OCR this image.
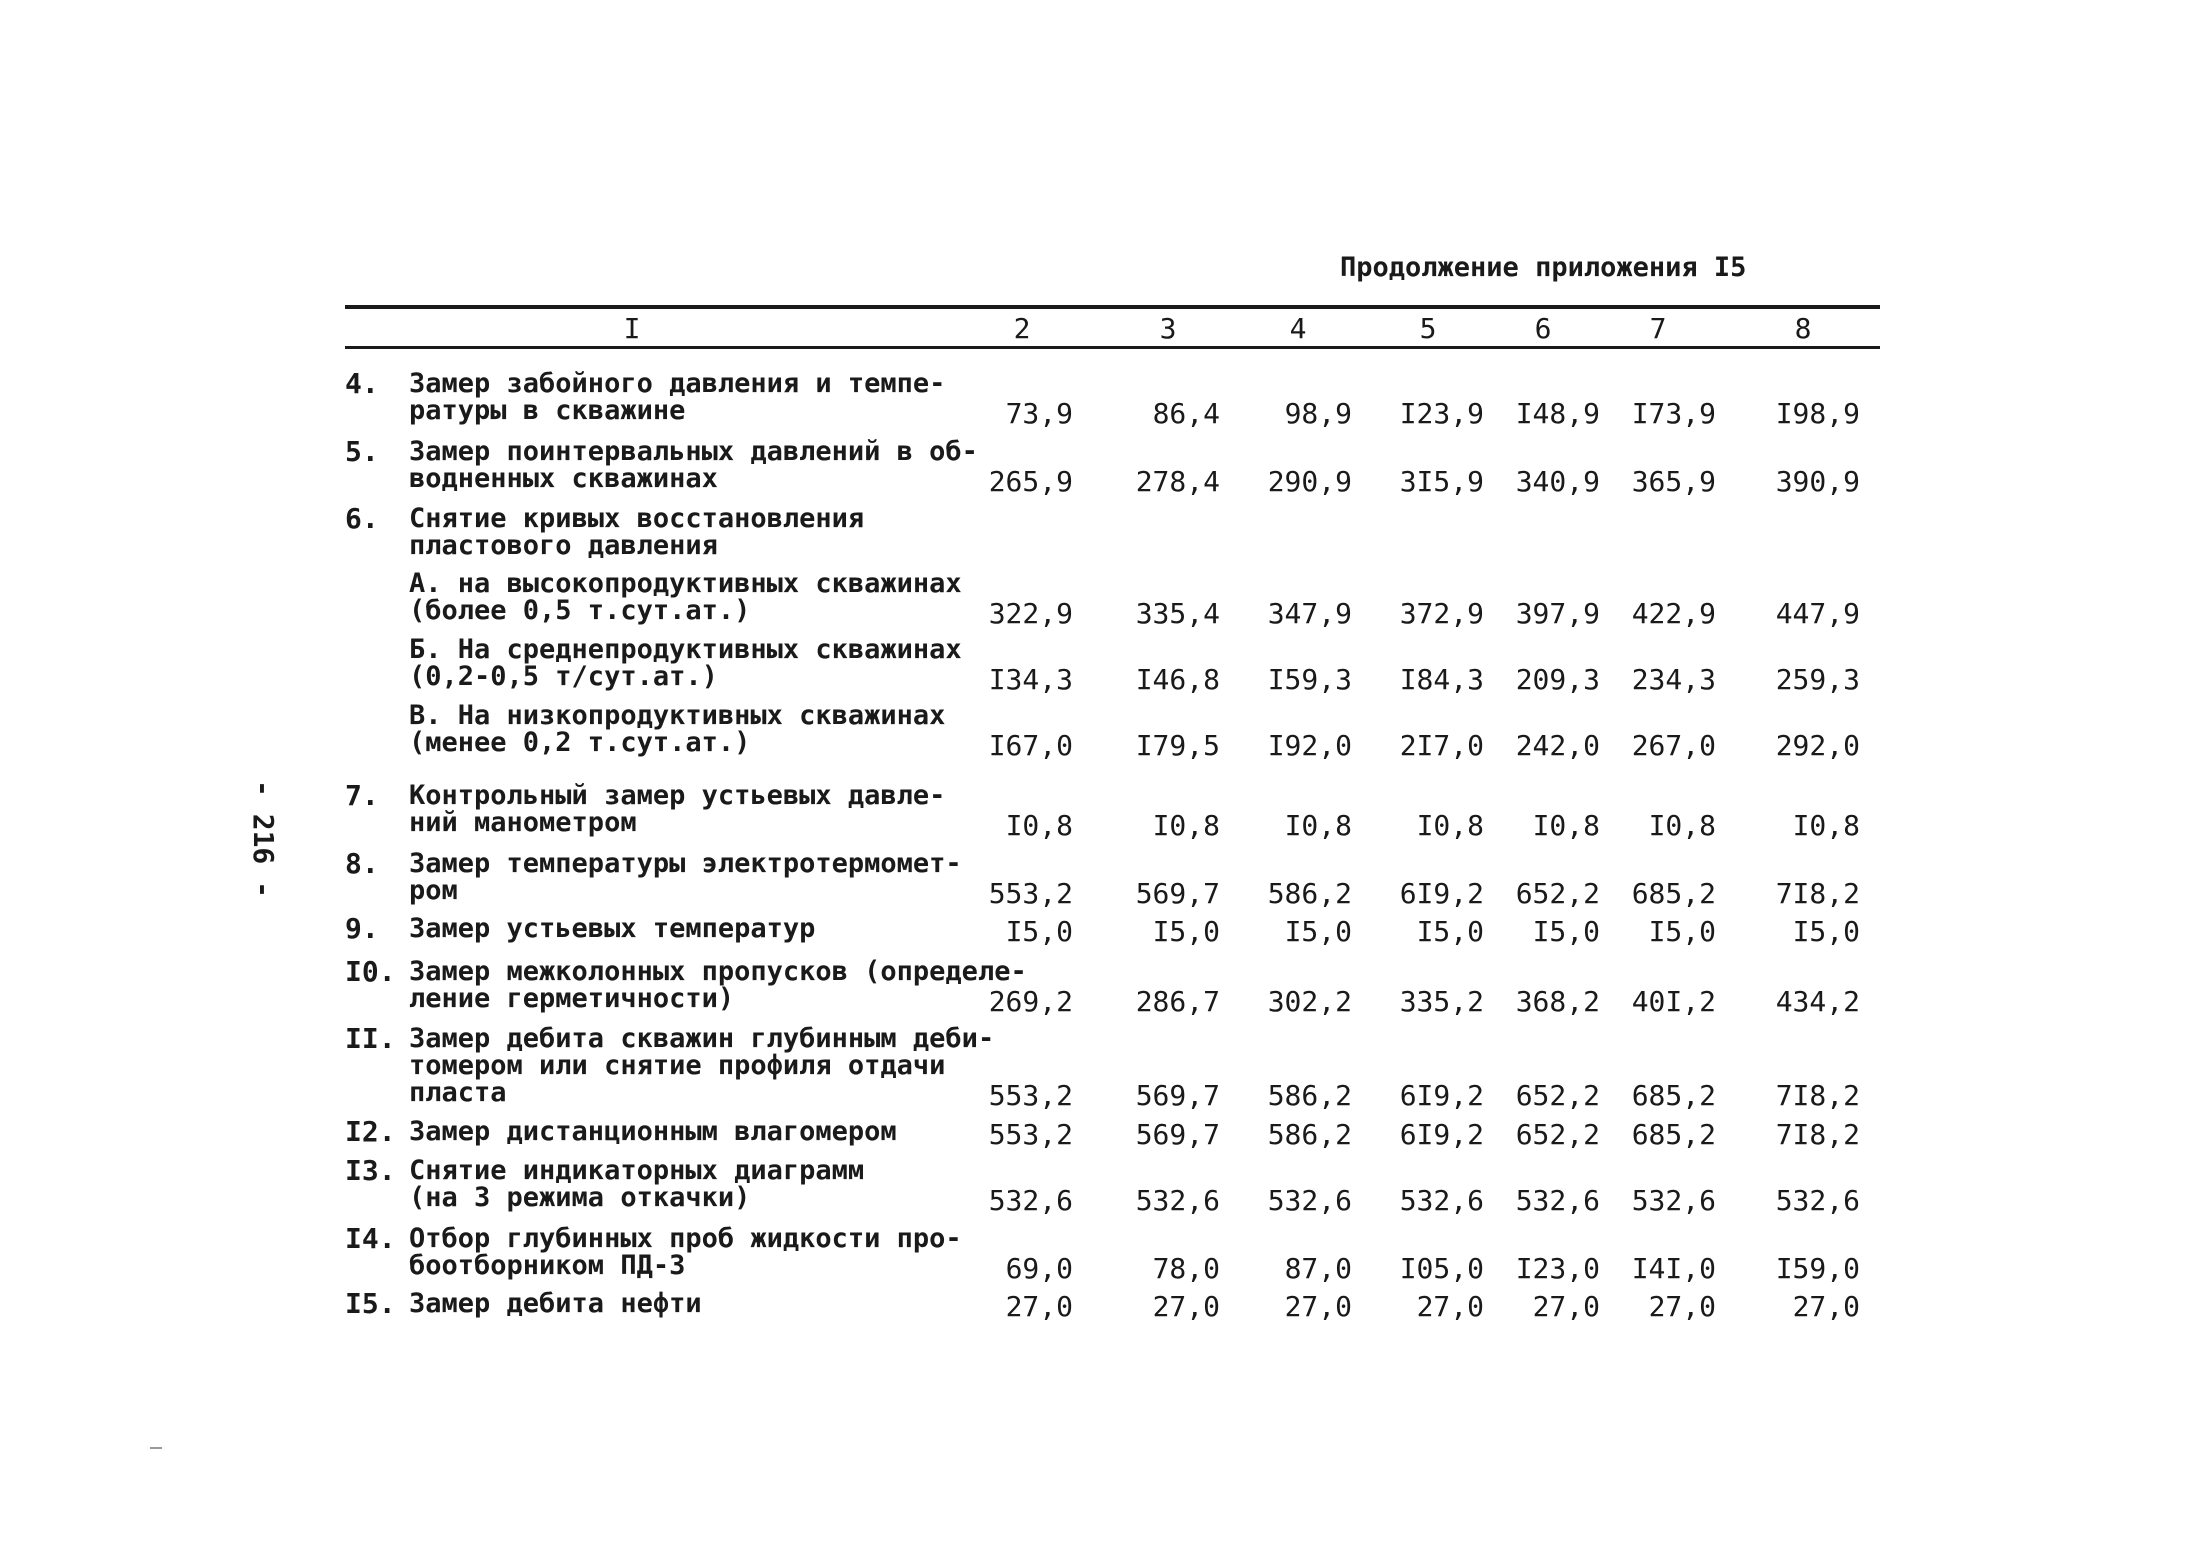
Продолжение приложения I5
- 216 -
I	2	3	4	5	6	7	8
4.	Замер забойного давления и темпе-
ратуры в скважине	73,9	86,4	98,9	I23,9	I48,9	I73,9	I98,9
5.	Замер поинтервальных давлений в об-
водненных скважинах	265,9	278,4	290,9	3I5,9	340,9	365,9	390,9
6.	Снятие кривых восстановления
пластового давления
А. на высокопродуктивных скважинах
(более 0,5 т.сут.ат.)	322,9	335,4	347,9	372,9	397,9	422,9	447,9
Б. На среднепродуктивных скважинах
(0,2-0,5 т/сут.ат.)	I34,3	I46,8	I59,3	I84,3	209,3	234,3	259,3
В. На низкопродуктивных скважинах
(менее 0,2 т.сут.ат.)	I67,0	I79,5	I92,0	2I7,0	242,0	267,0	292,0
7.	Контрольный замер устьевых давле-
ний манометром	I0,8	I0,8	I0,8	I0,8	I0,8	I0,8	I0,8
8.	Замер температуры электротермомет-
ром	553,2	569,7	586,2	6I9,2	652,2	685,2	7I8,2
9.	Замер устьевых температур	I5,0	I5,0	I5,0	I5,0	I5,0	I5,0	I5,0
I0. Замер межколонных пропусков (определе-
ление герметичности)	269,2	286,7	302,2	335,2	368,2	40I,2	434,2
II. Замер дебита скважин глубинным деби-
томером или снятие профиля отдачи
пласта	553,2	569,7	586,2	6I9,2	652,2	685,2	7I8,2
I2. Замер дистанционным влагомером	553,2	569,7	586,2	6I9,2	652,2	685,2	7I8,2
I3. Снятие индикаторных диаграмм
(на 3 режима откачки)	532,6	532,6	532,6	532,6	532,6	532,6	532,6
I4. Отбор глубинных проб жидкости про-
боотборником ПД-3	69,0	78,0	87,0	I05,0	I23,0	I4I,0	I59,0
I5. Замер дебита нефти	27,0	27,0	27,0	27,0	27,0	27,0	27,0
